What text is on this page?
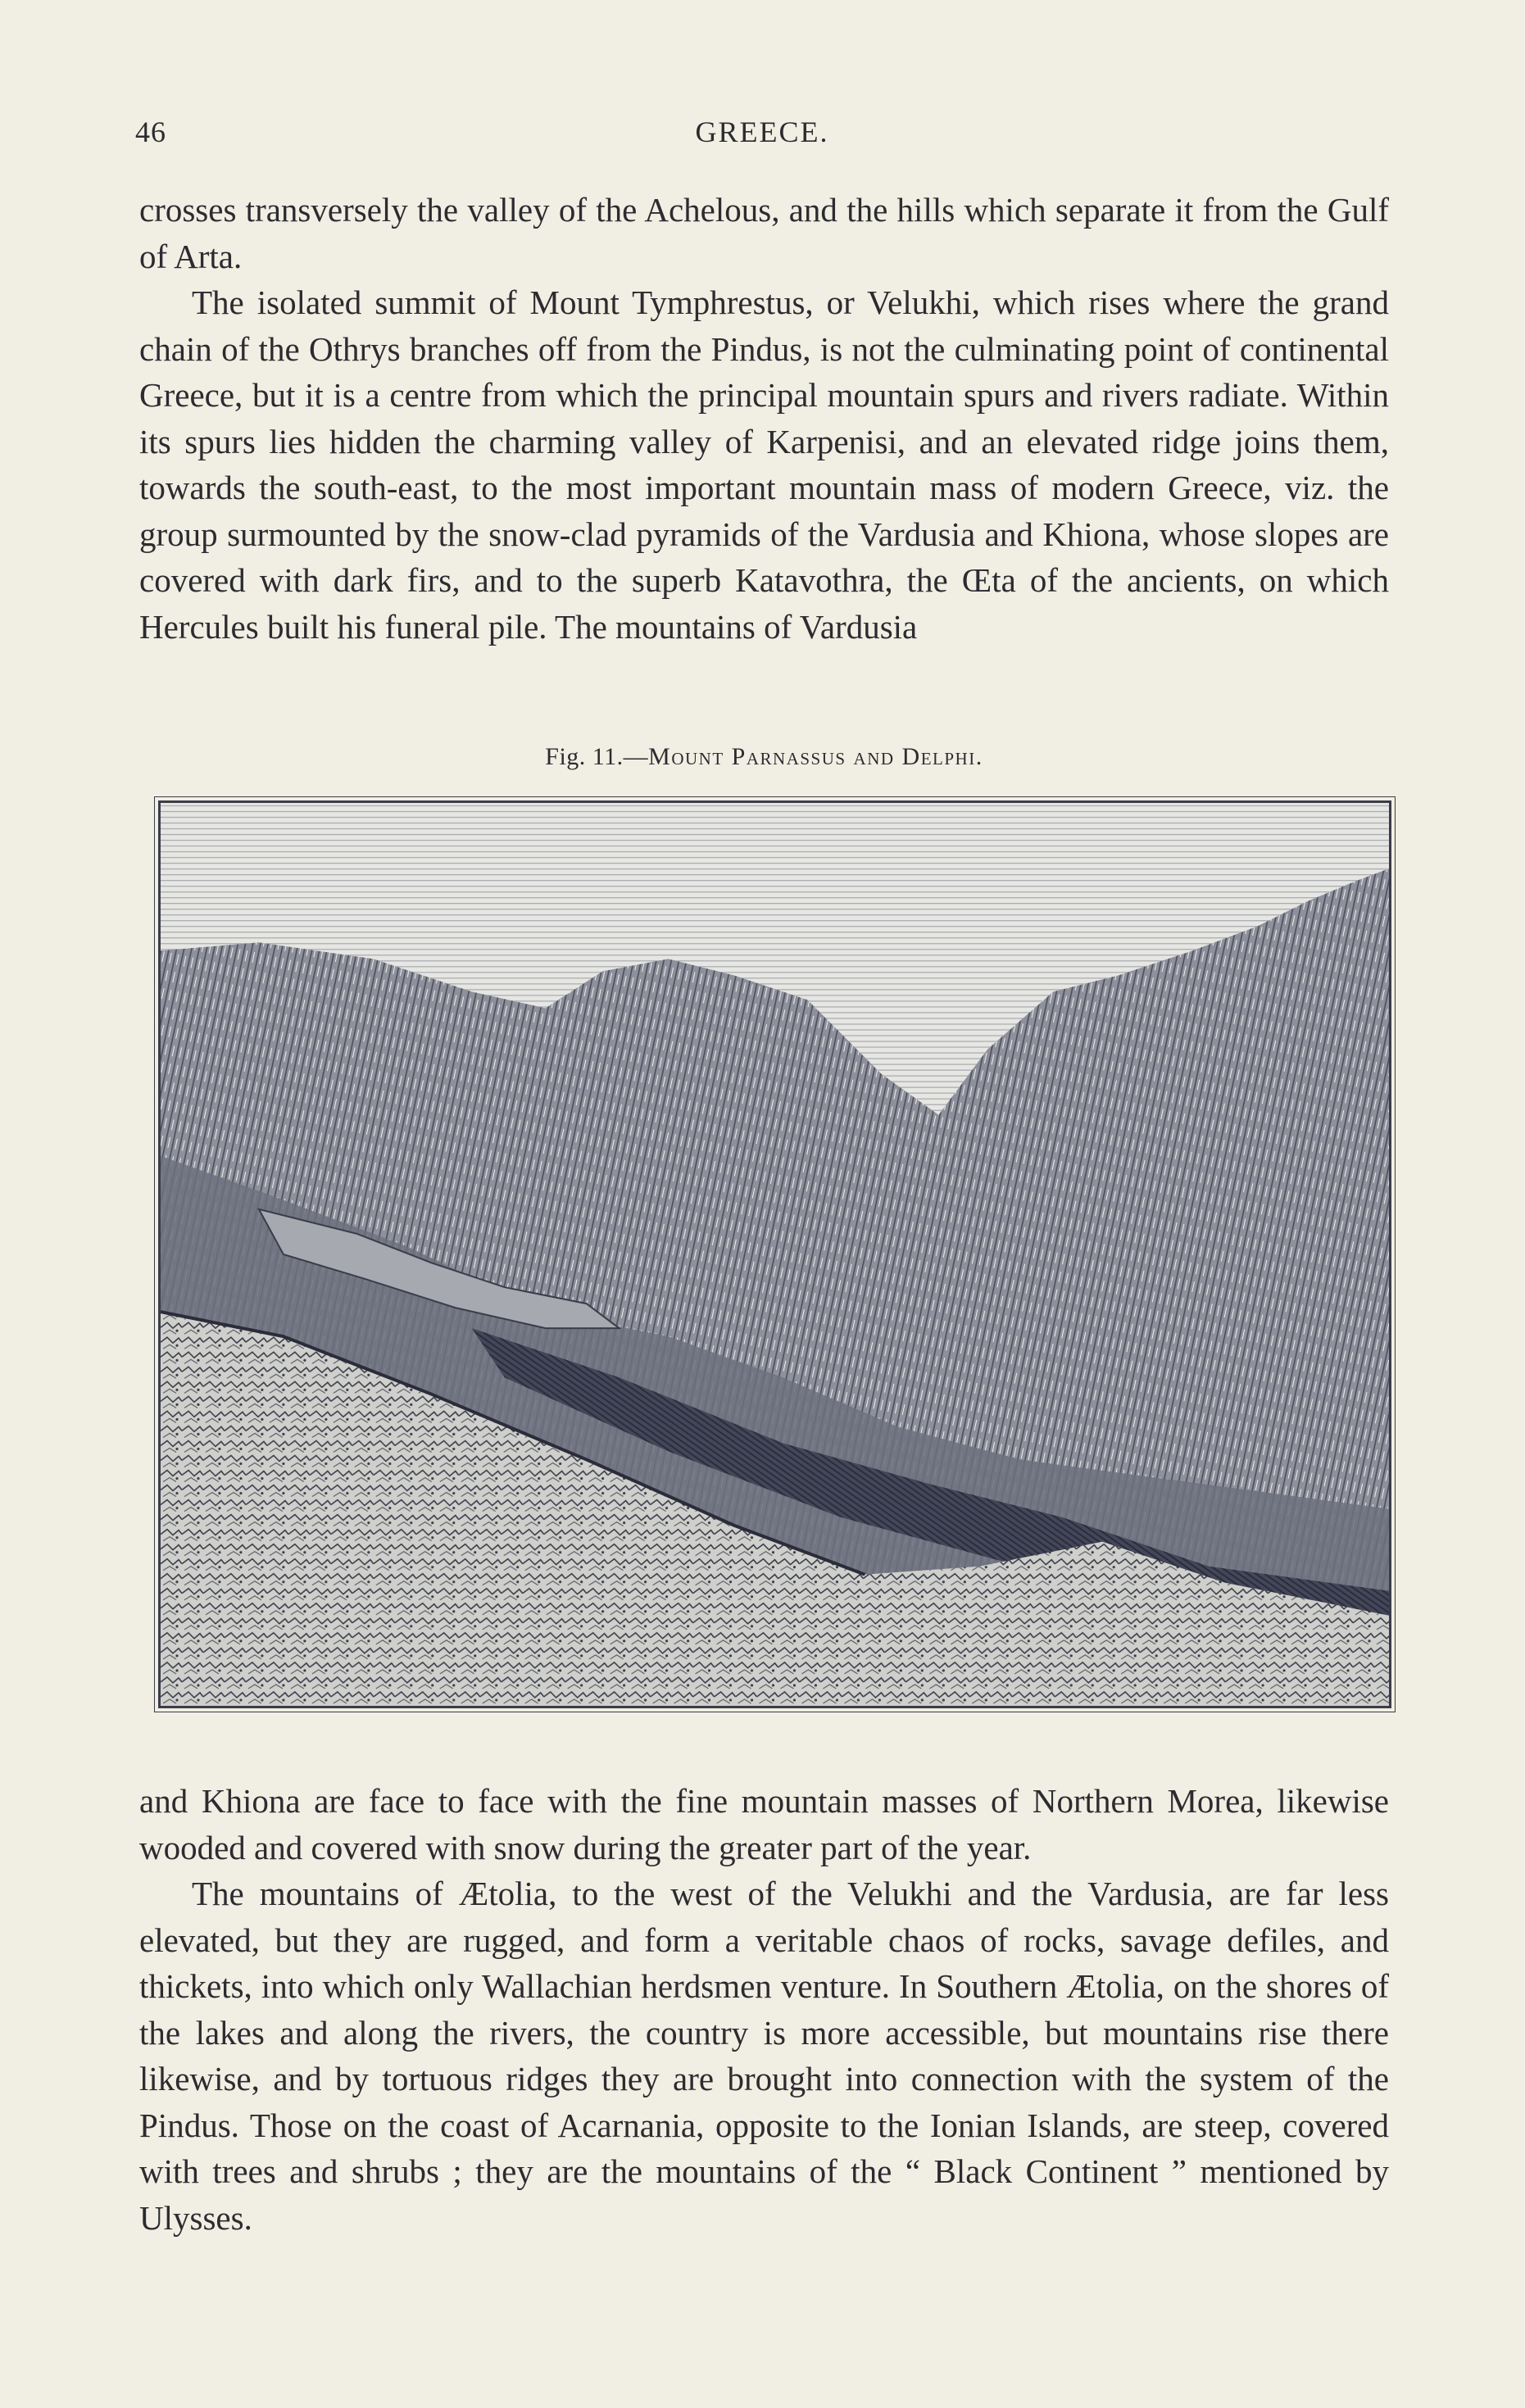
46	GREECE.

crosses transversely the valley of the Achelous, and the hills which separate it from the Gulf of Arta.

The isolated summit of Mount Tymphrestus, or Velukhi, which rises where the grand chain of the Othrys branches off from the Pindus, is not the culminating point of continental Greece, but it is a centre from which the principal mountain spurs and rivers radiate. Within its spurs lies hidden the charming valley of Karpenisi, and an elevated ridge joins them, towards the south-east, to the most important mountain mass of modern Greece, viz. the group surmounted by the snow-clad pyramids of the Vardusia and Khiona, whose slopes are covered with dark firs, and to the superb Katavothra, the Œta of the ancients, on which Hercules built his funeral pile. The mountains of Vardusia

Fig. 11.—Mount Parnassus and Delphi.

and Khiona are face to face with the fine mountain masses of Northern Morea, likewise wooded and covered with snow during the greater part of the year.

The mountains of Ætolia, to the west of the Velukhi and the Vardusia, are far less elevated, but they are rugged, and form a veritable chaos of rocks, savage defiles, and thickets, into which only Wallachian herdsmen venture. In Southern Ætolia, on the shores of the lakes and along the rivers, the country is more accessible, but mountains rise there likewise, and by tortuous ridges they are brought into connection with the system of the Pindus. Those on the coast of Acarnania, opposite to the Ionian Islands, are steep, covered with trees and shrubs ; they are the mountains of the “ Black Continent ” mentioned by Ulysses.
